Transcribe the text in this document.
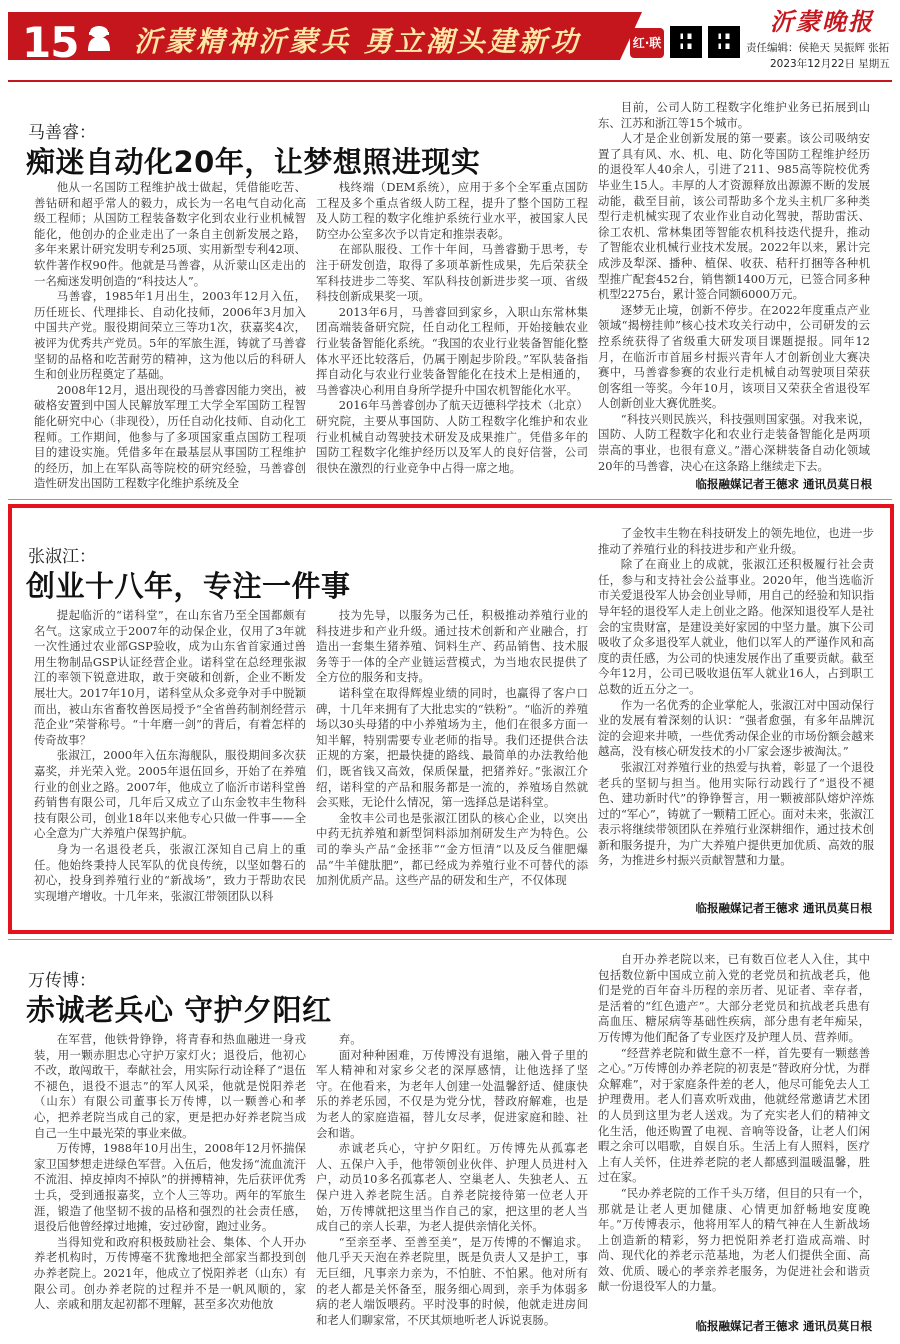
15 沂蒙精神沂蒙兵 勇立潮头建新功	红·联动
沂蒙晚报
责任编辑：侯艳天 吴振辉 张拓
2023年12月22日 星期五
马善睿：
痴迷自动化20年，让梦想照进现实

他从一名国防工程维护战士做起，凭借能吃苦、善钻研和超乎常人的毅力，成长为一名电气自动化高级工程师；从国防工程装备数字化到农业行业机械智能化，他创办的企业走出了一条自主创新发展之路，多年来累计研究发明专利25项、实用新型专利42项、软件著作权90件。他就是马善睿，从沂蒙山区走出的一名痴迷发明创造的“科技达人”。

马善睿，1985年1月出生，2003年12月入伍，历任班长、代理排长、自动化技师，2006年3月加入中国共产党。服役期间荣立三等功1次，获嘉奖4次，被评为优秀共产党员。5年的军旅生涯，铸就了马善睿坚韧的品格和吃苦耐劳的精神，这为他以后的科研人生和创业历程奠定了基础。

2008年12月，退出现役的马善睿因能力突出，被破格安置到中国人民解放军理工大学全军国防工程智能化研究中心（非现役），历任自动化技师、自动化工程师。工作期间，他参与了多项国家重点国防工程项目的建设实施。凭借多年在最基层从事国防工程维护的经历，加上在军队高等院校的研究经验，马善睿创造性研发出国防工程数字化维护系统及全

栈终端（DEM系统），应用于多个全军重点国防工程及多个重点省级人防工程，提升了整个国防工程及人防工程的数字化维护系统行业水平，被国家人民防空办公室多次予以肯定和推崇表彰。

在部队服役、工作十年间，马善睿勤于思考，专注于研发创造，取得了多项革新性成果，先后荣获全军科技进步二等奖、军队科技创新进步奖一项、省级科技创新成果奖一项。

2013年6月，马善睿回到家乡，入职山东常林集团高端装备研究院，任自动化工程师，开始接触农业行业装备智能化系统。“我国的农业行业装备智能化整体水平还比较落后，仍属于刚起步阶段。”军队装备指挥自动化与农业行业装备智能化在技术上是相通的，马善睿决心利用自身所学提升中国农机智能化水平。

2016年马善睿创办了航天迈德科学技术（北京）研究院，主要从事国防、人防工程数字化维护和农业行业机械自动驾驶技术研发及成果推广。凭借多年的国防工程数字化维护经历以及军人的良好信誉，公司很快在激烈的行业竞争中占得一席之地。

目前，公司人防工程数字化维护业务已拓展到山东、江苏和浙江等15个城市。

人才是企业创新发展的第一要素。该公司吸纳安置了具有风、水、机、电、防化等国防工程维护经历的退役军人40余人，引进了211、985高等院校优秀毕业生15人。丰厚的人才资源释放出源源不断的发展动能，截至目前，该公司帮助多个龙头主机厂多种类型行走机械实现了农业作业自动化驾驶，帮助雷沃、徐工农机、常林集团等智能农机科技迭代提升，推动了智能农业机械行业技术发展。2022年以来，累计完成涉及犁深、播种、植保、收获、秸秆打捆等各种机型推广配套452台，销售额1400万元，已签合同多种机型2275台，累计签合同额6000万元。

逐梦无止境，创新不停步。在2022年度重点产业领域“揭榜挂帅”核心技术攻关行动中，公司研发的云控系统获得了省级重大研发项目课题提报。同年12月，在临沂市首届乡村振兴青年人才创新创业大赛决赛中，马善睿参赛的农业行走机械自动驾驶项目荣获创客组一等奖。今年10月，该项目又荣获全省退役军人创新创业大赛优胜奖。

“科技兴则民族兴，科技强则国家强。对我来说，国防、人防工程数字化和农业行走装备智能化是两项崇高的事业，也很有意义。”潜心深耕装备自动化领域20年的马善睿，决心在这条路上继续走下去。

临报融媒记者王德求 通讯员莫日根
张淑江：
创业十八年，专注一件事

提起临沂的“诺科堂”，在山东省乃至全国都颇有名气。这家成立于2007年的动保企业，仅用了3年就一次性通过农业部GSP验收，成为山东省首家通过兽用生物制品GSP认证经营企业。诺科堂在总经理张淑江的率领下锐意进取，敢于突破和创新，企业不断发展壮大。2017年10月，诺科堂从众多竞争对手中脱颖而出，被山东省畜牧兽医局授予“全省兽药制剂经营示范企业”荣誉称号。“十年磨一剑”的背后，有着怎样的传奇故事？

张淑江，2000年入伍东海舰队，服役期间多次获嘉奖，并光荣入党。2005年退伍回乡，开始了在养殖行业的创业之路。2007年，他成立了临沂市诺科堂兽药销售有限公司，几年后又成立了山东金牧丰生物科技有限公司，创业18年以来他专心只做一件事——全心全意为广大养殖户保驾护航。

身为一名退役老兵，张淑江深知自己肩上的重任。他始终秉持人民军队的优良传统，以坚如磐石的初心，投身到养殖行业的“新战场”，致力于帮助农民实现增产增收。十几年来，张淑江带领团队以科

技为先导，以服务为己任，积极推动养殖行业的科技进步和产业升级。通过技术创新和产业融合，打造出一套集生猪养殖、饲料生产、药品销售、技术服务等于一体的全产业链运营模式，为当地农民提供了全方位的服务和支持。

诺科堂在取得辉煌业绩的同时，也赢得了客户口碑，十几年来拥有了大批忠实的“铁粉”。“临沂的养殖场以30头母猪的中小养殖场为主，他们在很多方面一知半解，特别需要专业老师的指导。我们还提供合法正规的方案，把最快捷的路线、最简单的办法教给他们，既省钱又高效，保质保量，把猪养好。”张淑江介绍，诺科堂的产品和服务都是一流的，养殖场自然就会买账，无论什么情况，第一选择总是诺科堂。

金牧丰公司也是张淑江团队的核心企业，以突出中药无抗养殖和新型饲料添加剂研发生产为特色。公司的拳头产品“金拯菲”“金方恒清”以及反刍催肥爆品“牛羊健肽肥”，都已经成为养殖行业不可替代的添加剂优质产品。这些产品的研发和生产，不仅体现

了金牧丰生物在科技研发上的领先地位，也进一步推动了养殖行业的科技进步和产业升级。

除了在商业上的成就，张淑江还积极履行社会责任，参与和支持社会公益事业。2020年，他当选临沂市关爱退役军人协会创业导师，用自己的经验和知识指导年轻的退役军人走上创业之路。他深知退役军人是社会的宝贵财富，是建设美好家园的中坚力量。旗下公司吸收了众多退役军人就业，他们以军人的严谨作风和高度的责任感，为公司的快速发展作出了重要贡献。截至今年12月，公司已吸收退伍军人就业16人，占到职工总数的近五分之一。

作为一名优秀的企业掌舵人，张淑江对中国动保行业的发展有着深刻的认识：“强者愈强，有多年品牌沉淀的会迎来井喷，一些优秀动保企业的市场份额会越来越高，没有核心研发技术的小厂家会逐步被淘汰。”

张淑江对养殖行业的热爱与执着，彰显了一个退役老兵的坚韧与担当。他用实际行动践行了“退役不褪色、建功新时代”的铮铮誓言，用一颗被部队熔炉淬炼过的“军心”，铸就了一颗精工匠心。面对未来，张淑江表示将继续带领团队在养殖行业深耕细作，通过技术创新和服务提升，为广大养殖户提供更加优质、高效的服务，为推进乡村振兴贡献智慧和力量。

临报融媒记者王德求 通讯员莫日根
万传博：
赤诚老兵心 守护夕阳红

在军营，他铁骨铮铮，将青春和热血融进一身戎装，用一颗赤胆忠心守护万家灯火；退役后，他初心不改，敢闯敢干，奉献社会，用实际行动诠释了“退伍不褪色，退役不退志”的军人风采，他就是悦阳养老（山东）有限公司董事长万传博，以一颗善心和孝心，把养老院当成自己的家，更是把办好养老院当成自己一生中最光荣的事业来做。

万传博，1988年10月出生，2008年12月怀揣保家卫国梦想走进绿色军营。入伍后，他发扬“流血流汗不流泪、掉皮掉肉不掉队”的拼搏精神，先后获评优秀士兵，受到通报嘉奖，立个人三等功。两年的军旅生涯，锻造了他坚韧不拔的品格和强烈的社会责任感，退役后他曾经撑过地摊，安过砂窗，跑过业务。

当得知党和政府积极鼓励社会、集体、个人开办养老机构时，万传博毫不犹豫地把全部家当都投到创办养老院上。2021年，他成立了悦阳养老（山东）有限公司。创办养老院的过程并不是一帆风顺的，家人、亲戚和朋友起初都不理解，甚至多次劝他放

弃。

面对种种困难，万传博没有退缩，融入骨子里的军人精神和对家乡父老的深厚感情，让他选择了坚守。在他看来，为老年人创建一处温馨舒适、健康快乐的养老乐园，不仅是为党分忧，替政府解难，也是为老人的家庭造福，替儿女尽孝，促进家庭和睦、社会和谐。

赤诚老兵心，守护夕阳红。万传博先从孤寡老人、五保户入手，他带领创业伙伴、护理人员进村入户，动员10多名孤寡老人、空巢老人、失独老人、五保户进入养老院生活。自养老院接待第一位老人开始，万传博就把这里当作自己的家，把这里的老人当成自己的亲人长辈，为老人提供亲情化关怀。

“至亲至孝、至善至美”，是万传博的不懈追求。他几乎天天泡在养老院里，既是负责人又是护工，事无巨细，凡事亲力亲为，不怕脏、不怕累。他对所有的老人都是关怀备至，服务细心周到，亲手为体弱多病的老人端饭喂药。平时没事的时候，他就走进房间和老人们聊家常，不厌其烦地听老人诉说衷肠。

自开办养老院以来，已有数百位老人入住，其中包括数位新中国成立前入党的老党员和抗战老兵，他们是党的百年奋斗历程的亲历者、见证者、幸存者，是活着的“红色遗产”。大部分老党员和抗战老兵患有高血压、糖尿病等基础性疾病，部分患有老年痴呆，万传博为他们配备了专业医疗及护理人员、营养师。

“经营养老院和做生意不一样，首先要有一颗慈善之心。”万传博创办养老院的初衷是“替政府分忧，为群众解难”，对于家庭条件差的老人，他尽可能免去人工护理费用。老人们喜欢听戏曲，他就经常邀请艺术团的人员到这里为老人送戏。为了充实老人们的精神文化生活，他还购置了电视、音响等设备，让老人们闲暇之余可以唱歌，自娱自乐。生活上有人照料，医疗上有人关怀，住进养老院的老人都感到温暖温馨，胜过在家。

“民办养老院的工作千头万绪，但目的只有一个，那就是让老人更加健康、心情更加舒畅地安度晚年。”万传博表示，他将用军人的精气神在人生新战场上创造新的精彩，努力把悦阳养老打造成高端、时尚、现代化的养老示范基地，为老人们提供全面、高效、优质、暖心的孝亲养老服务，为促进社会和谐贡献一份退役军人的力量。

临报融媒记者王德求 通讯员莫日根
